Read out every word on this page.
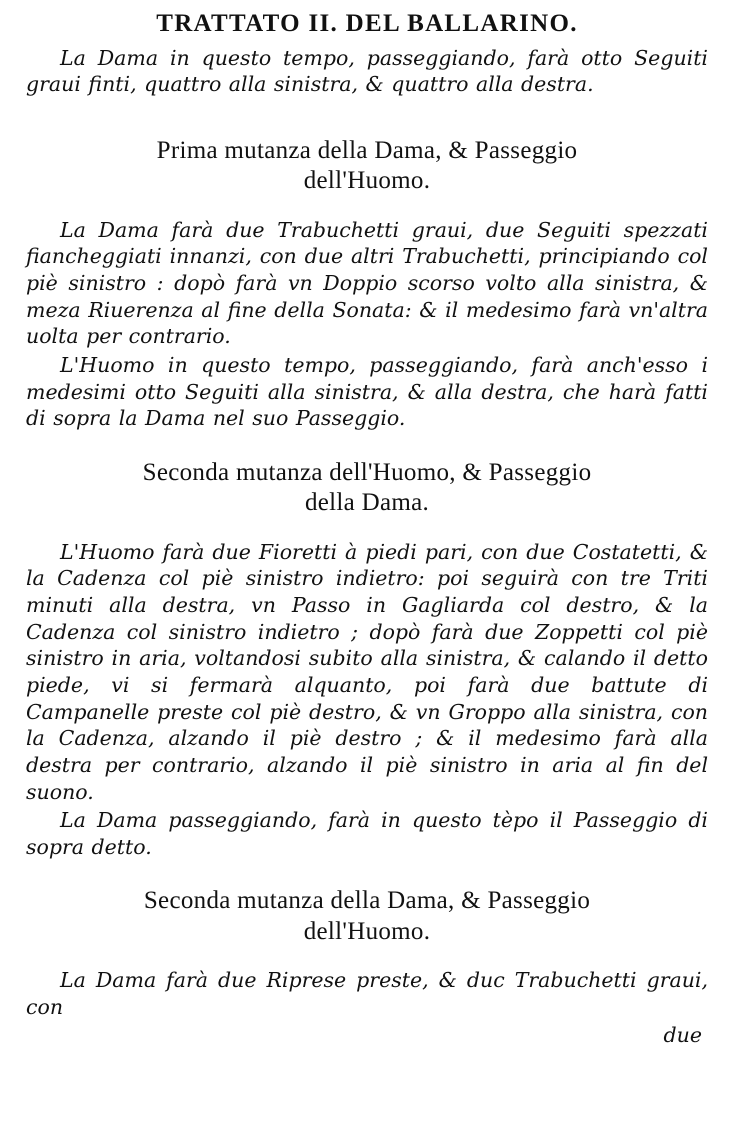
TRATTATO II. DEL BALLARINO.
La Dama in questo tempo, passeggiando, farà otto Seguiti graui finti, quattro alla sinistra, & quattro alla destra.
Prima mutanza della Dama, & Passeggio
dell'Huomo.
La Dama farà due Trabuchetti graui, due Seguiti spezzati fiancheggiati innanzi, con due altri Trabuchetti, principiando col piè sinistro : dopò farà vn Doppio scorso volto alla sinistra, & meza Riuerenza al fine della Sonata: & il medesimo farà vn'altra uolta per contrario.
L'Huomo in questo tempo, passeggiando, farà anch'esso i medesimi otto Seguiti alla sinistra, & alla destra, che harà fatti di sopra la Dama nel suo Passeggio.
Seconda mutanza dell'Huomo, & Passeggio
della Dama.
L'Huomo farà due Fioretti à piedi pari, con due Costatetti, & la Cadenza col piè sinistro indietro: poi seguirà con tre Triti minuti alla destra, vn Passo in Gagliarda col destro, & la Cadenza col sinistro indietro ; dopò farà due Zoppetti col piè sinistro in aria, voltandosi subito alla sinistra, & calando il detto piede, vi si fermarà alquanto, poi farà due battute di Campanelle preste col piè destro, & vn Groppo alla sinistra, con la Cadenza, alzando il piè destro ; & il medesimo farà alla destra per contrario, alzando il piè sinistro in aria al fin del suono.
La Dama passeggiando, farà in questo tèpo il Passeggio di sopra detto.
Seconda mutanza della Dama, & Passeggio
dell'Huomo.
La Dama farà due Riprese preste, & duc Trabuchetti graui, con
due
